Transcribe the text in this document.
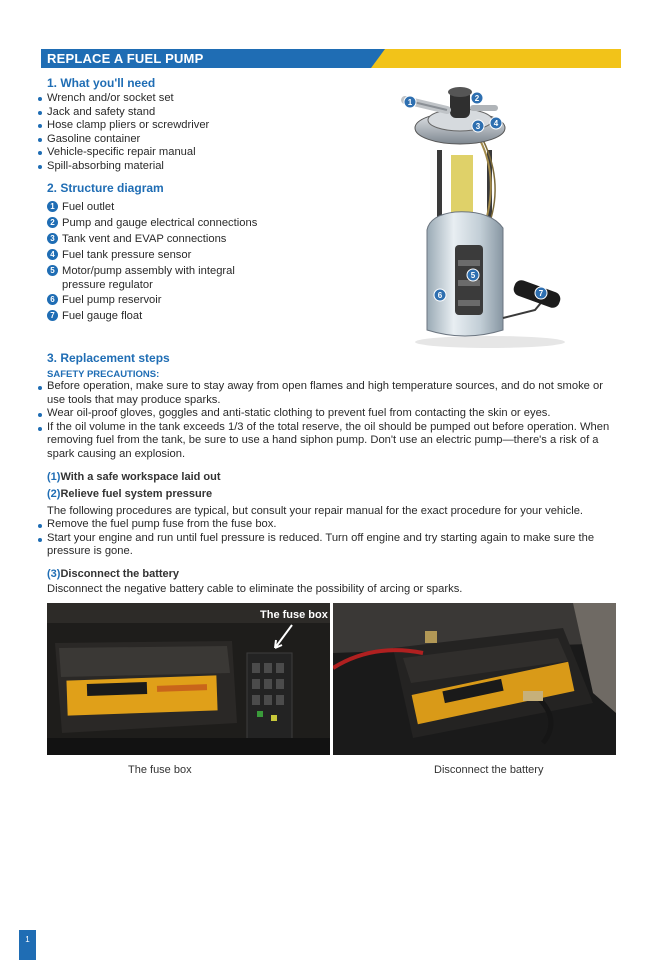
REPLACE A FUEL PUMP
1. What you'll need
Wrench and/or socket set
Jack and safety stand
Hose clamp pliers or screwdriver
Gasoline container
Vehicle-specific repair manual
Spill-absorbing material
2. Structure diagram
1 Fuel outlet
2 Pump and gauge electrical connections
3 Tank vent and EVAP connections
4 Fuel tank pressure sensor
5 Motor/pump assembly with integral
pressure regulator
6 Fuel pump reservoir
7 Fuel gauge float
1	2
3 4
5
6	7
3. Replacement steps
SAFETY PRECAUTIONS:
Before operation, make sure to stay away from open flames and high temperature sources, and do not smoke or use tools that may produce sparks.
Wear oil-proof gloves, goggles and anti-static clothing to prevent fuel from contacting the skin or eyes.
If the oil volume in the tank exceeds 1/3 of the total reserve, the oil should be pumped out before operation. When removing fuel from the tank, be sure to use a hand siphon pump. Don't use an electric pump—there's a risk of a spark causing an explosion.
(1)With a safe workspace laid out
(2)Relieve fuel system pressure
The following procedures are typical, but consult your repair manual for the exact procedure for your vehicle.
Remove the fuel pump fuse from the fuse box.
Start your engine and run until fuel pressure is reduced. Turn off engine and try starting again to make sure the pressure is gone.
(3)Disconnect the battery
Disconnect the negative battery cable to eliminate the possibility of arcing or sparks.
The fuse box
The fuse box	Disconnect the battery
1
